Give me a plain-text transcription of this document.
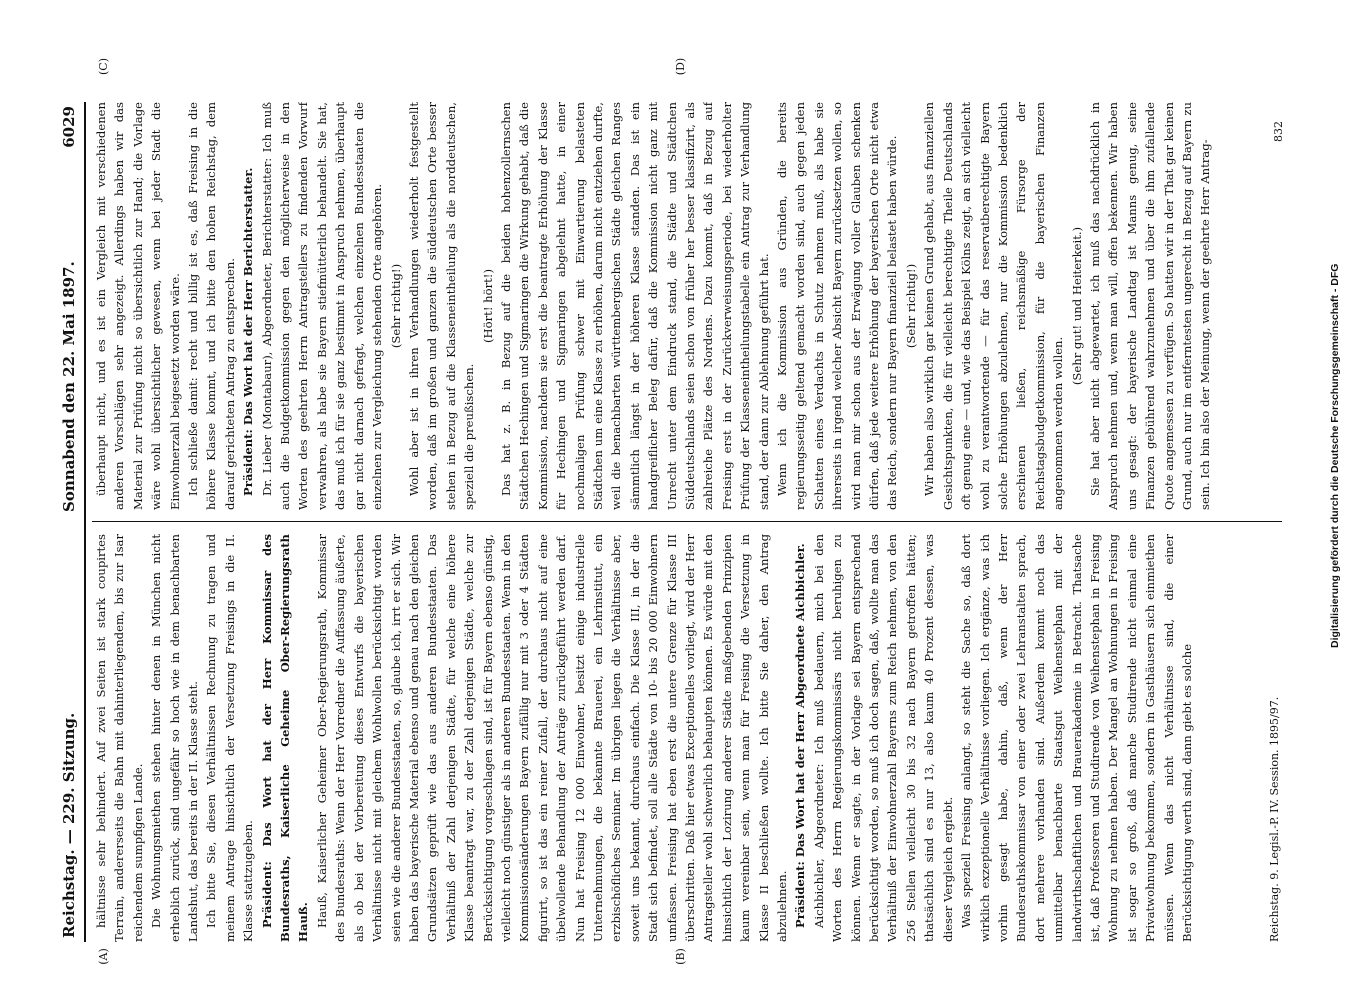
Reichstag. — 229. Sitzung.
Sonnabend den 22. Mai 1897.
6029

hältnisse sehr behindert. Auf zwei Seiten ist stark coupirtes Terrain, andererseits die Bahn mit dahinterliegendem, bis zur Isar reichendem sumpfigen Lande. Die Wohnungsmiethen stehen hinter denen in München nicht erheblich zurück, sind ungefähr so hoch wie in dem benachbarten Landshut, das bereits in der II. Klasse steht. Ich bitte Sie, diesen Verhältnissen Rechnung zu tragen und meinem Antrage hinsichtlich der Versetzung Freisings in die II. Klasse stattzugeben. Präsident: Das Wort hat der Herr Kommissar des Bundesraths, Kaiserliche Geheime Ober-Regierungsrath Hauß. Hauß, Kaiserlicher Geheimer Ober-Regierungsrath, Kommissar des Bundesraths: Wenn der Herr Vorredner die Auffassung äußerte, als ob bei der Vorbereitung dieses Entwurfs die bayerischen Verhältnisse nicht mit gleichem Wohlwollen berücksichtigt worden seien wie die anderer Bundesstaaten, so, glaube ich, irrt er sich. Wir haben das bayerische Material ebenso und genau nach den gleichen Grundsätzen geprüft wie das aus anderen Bundesstaaten. Das Verhältniß der Zahl derjenigen Städte, für welche eine höhere Klasse beantragt war, zu der Zahl derjenigen Städte, welche zur Berücksichtigung vorgeschlagen sind, ist für Bayern ebenso günstig, vielleicht noch günstiger als in anderen Bundesstaaten. Wenn in den Kommissionsänderungen Bayern zufällig nur mit 3 oder 4 Städten figurirt, so ist das ein reiner Zufall, der durchaus nicht auf eine übelwollende Behandlung der Anträge zurückgeführt werden darf. Nun hat Freising 12 000 Einwohner, besitzt einige industrielle Unternehmungen, die bekannte Brauerei, ein Lehrinstitut, ein erzbischöfliches Seminar. Im übrigen liegen die Verhältnisse aber, soweit uns bekannt, durchaus einfach. Die Klasse III, in der die Stadt sich befindet, soll alle Städte von 10- bis 20 000 Einwohnern umfassen. Freising hat eben erst die untere Grenze für Klasse III überschritten. Daß hier etwas Exceptionelles vorliegt, wird der Herr Antragsteller wohl schwerlich behaupten können. Es würde mit den hinsichtlich der Lozirung anderer Städte maßgebenden Prinzipien kaum vereinbar sein, wenn man für Freising die Versetzung in Klasse II beschließen wollte. Ich bitte Sie daher, den Antrag abzulehnen. Präsident: Das Wort hat der Herr Abgeordnete Aichbichler. Aichbichler, Abgeordneter: Ich muß bedauern, mich bei den Worten des Herrn Regierungskommissärs nicht beruhigen zu können. Wenn er sagte, in der Vorlage sei Bayern entsprechend berücksichtigt worden, so muß ich doch sagen, daß, wollte man das Verhältniß der Einwohnerzahl Bayerns zum Reich nehmen, von den 256 Stellen vielleicht 30 bis 32 nach Bayern getroffen hätten; thatsächlich sind es nur 13, also kaum 40 Prozent dessen, was dieser Vergleich ergiebt. Was speziell Freising anlangt, so steht die Sache so, daß dort wirklich exzeptionelle Verhältnisse vorliegen. Ich ergänze, was ich vorhin gesagt habe, dahin, daß, wenn der Herr Bundesrathskommissar von einer oder zwei Lehranstalten sprach, dort mehrere vorhanden sind. Außerdem kommt noch das unmittelbar benachbarte Staatsgut Weihenstephan mit der landwirthschaftlichen und Brauerakademie in Betracht. Thatsache ist, daß Professoren und Studirende von Weihenstephan in Freising Wohnung zu nehmen haben. Der Mangel an Wohnungen in Freising ist sogar so groß, daß manche Studirende nicht einmal eine Privatwohnung bekommen, sondern in Gasthäusern sich einmiethen müssen. Wenn das nicht Verhältnisse sind, die einer Berücksichtigung werth sind, dann giebt es solche

überhaupt nicht, und es ist ein Vergleich mit verschiedenen anderen Vorschlägen sehr angezeigt. Allerdings haben wir das Material zur Prüfung nicht so übersichtlich zur Hand; die Vorlage wäre wohl übersichtlicher gewesen, wenn bei jeder Stadt die Einwohnerzahl beigesetzt worden wäre. Ich schließe damit: recht und billig ist es, daß Freising in die höhere Klasse kommt, und ich bitte den hohen Reichstag, dem darauf gerichteten Antrag zu entsprechen. Präsident: Das Wort hat der Herr Berichterstatter. Dr. Lieber (Montabaur), Abgeordneter, Berichterstatter: Ich muß auch die Budgetkommission gegen den möglicherweise in den Worten des geehrten Herrn Antragstellers zu findenden Vorwurf verwahren, als habe sie Bayern stiefmütterlich behandelt. Sie hat, das muß ich für sie ganz bestimmt in Anspruch nehmen, überhaupt gar nicht darnach gefragt, welchen einzelnen Bundesstaaten die einzelnen zur Vergleichung stehenden Orte angehören. (Sehr richtig!) Wohl aber ist in ihren Verhandlungen wiederholt festgestellt worden, daß im großen und ganzen die süddeutschen Orte besser stehen in Bezug auf die Klasseneintheilung als die norddeutschen, speziell die preußischen.

(Hört! hört!) Das hat z. B. in Bezug auf die beiden hohenzollernschen Städtchen Hechingen und Sigmaringen die Wirkung gehabt, daß die Kommission, nachdem sie erst die beantragte Erhöhung der Klasse für Hechingen und Sigmaringen abgelehnt hatte, in einer nochmaligen Prüfung schwer mit Einwartierung belasteten Städtchen um eine Klasse zu erhöhen, darum nicht entziehen durfte, weil die benachbarten württembergischen Städte gleichen Ranges sämmtlich längst in der höheren Klasse standen. Das ist ein handgreiflicher Beleg dafür, daß die Kommission nicht ganz mit Unrecht unter dem Eindruck stand, die Städte und Städtchen Süddeutschlands seien schon von früher her besser klassifizirt, als zahlreiche Plätze des Nordens. Dazu kommt, daß in Bezug auf Freising erst in der Zurückverweisungsperiode, bei wiederholter Prüfung der Klasseneintheilungstabelle ein Antrag zur Verhandlung stand, der dann zur Ablehnung geführt hat. Wenn ich die Kommission aus Gründen, die bereits regierungsseitig geltend gemacht worden sind, auch gegen jeden Schatten eines Verdachts in Schutz nehmen muß, als habe sie ihrerseits in irgend welcher Absicht Bayern zurücksetzen wollen, so wird man mir schon aus der Erwägung voller Glauben schenken dürfen, daß jede weitere Erhöhung der bayerischen Orte nicht etwa das Reich, sondern nur Bayern finanziell belastet haben würde. (Sehr richtig!) Wir haben also wirklich gar keinen Grund gehabt, aus finanziellen Gesichtspunkten, die für vielleicht berechtigte Theile Deutschlands oft genug eine — und, wie das Beispiel Kölns zeigt, an sich vielleicht wohl zu verantwortende — für das reservatberechtigte Bayern solche Erhöhungen abzulehnen, nur die Kommission bedenklich erschienen ließen, reichsmäßige Fürsorge der Reichstagsbudgetkommission, für die bayerischen Finanzen angenommen werden wollen.

(Sehr gut! und Heiterkeit.) Sie hat aber nicht abgewartet, ich muß das nachdrücklich in Anspruch nehmen und, wenn man will, offen bekennen. Wir haben uns gesagt: der bayerische Landtag ist Manns genug, seine Finanzen gebührend wahrzunehmen und über die ihm zufallende Quote angemessen zu verfügen. So hatten wir in der That gar keinen Grund, auch nur im entferntesten ungerecht in Bezug auf Bayern zu sein. Ich bin also der Meinung, wenn der geehrte Herr Antrag-

Reichstag. 9. Legisl.-P. IV. Session. 1895/97.
832
(A)	(B)
(C)	(D)
Digitalisierung gefördert durch die Deutsche Forschungsgemeinschaft - DFG
